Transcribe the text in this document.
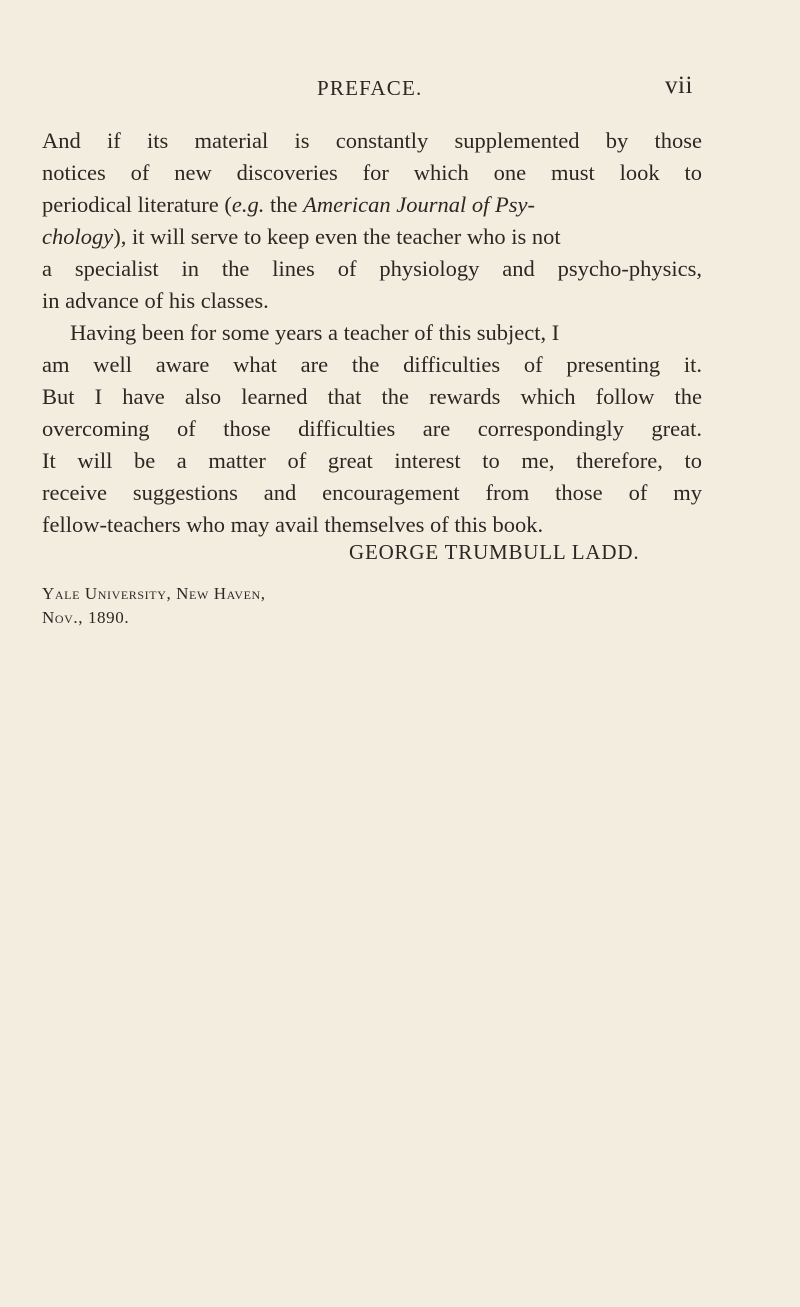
PREFACE.	vii
And if its material is constantly supplemented by those
notices of new discoveries for which one must look to
periodical literature (e.g. the American Journal of Psy-
chology), it will serve to keep even the teacher who is not
a specialist in the lines of physiology and psycho-physics,
in advance of his classes.
Having been for some years a teacher of this subject, I
am well aware what are the difficulties of presenting it.
But I have also learned that the rewards which follow the
overcoming of those difficulties are correspondingly great.
It will be a matter of great interest to me, therefore, to
receive suggestions and encouragement from those of my
fellow-teachers who may avail themselves of this book.
GEORGE TRUMBULL LADD.
Yale University, New Haven,
Nov., 1890.
